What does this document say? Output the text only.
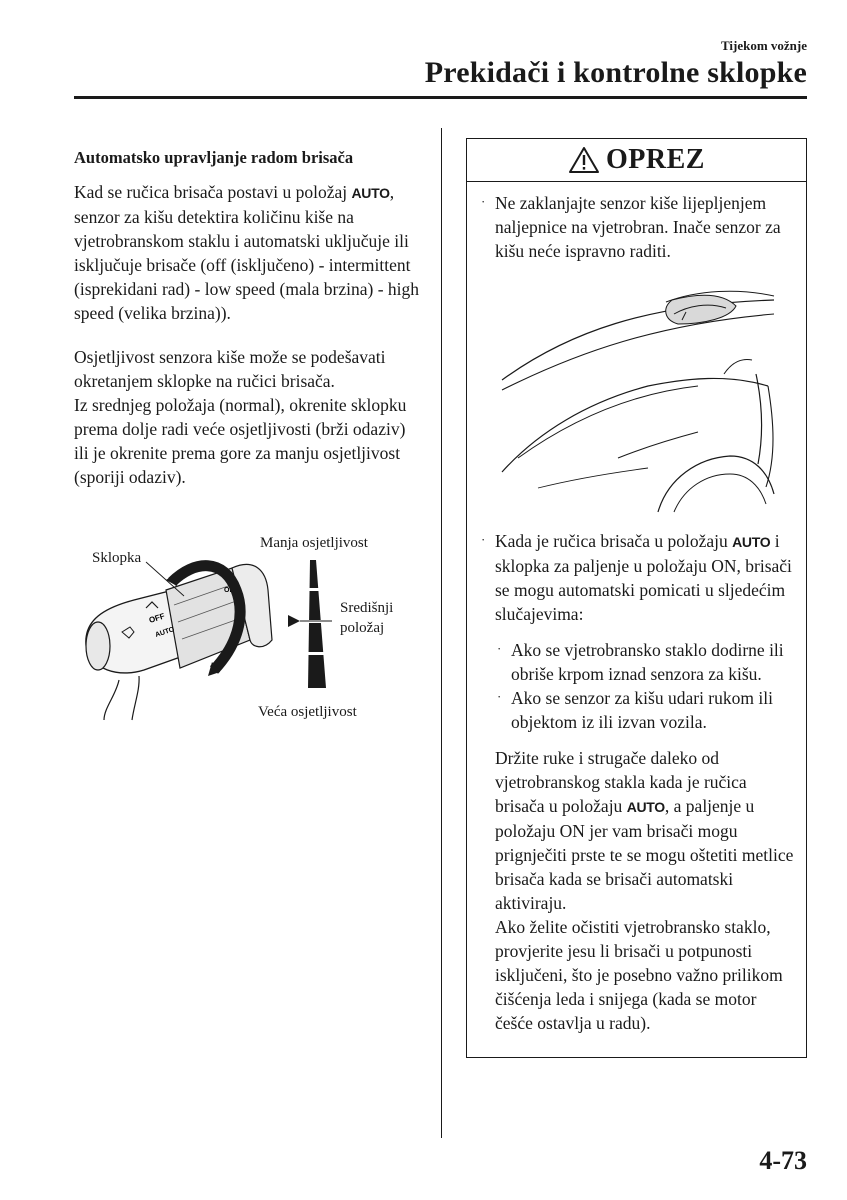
Tijekom vožnje
Prekidači i kontrolne sklopke
Automatsko upravljanje radom brisača

Kad se ručica brisača postavi u položaj AUTO, senzor za kišu detektira količinu kiše na vjetrobranskom staklu i automatski uključuje ili isključuje brisače (off (isključeno) - intermittent (isprekidani rad) - low speed (mala brzina) - high speed (velika brzina)).

Osjetljivost senzora kiše može se podešavati okretanjem sklopke na ručici brisača.

Iz srednjeg položaja (normal), okrenite sklopku prema dolje radi veće osjetljivosti (brži odaziv) ili je okrenite prema gore za manju osjetljivost (sporiji odaziv).

OFF
AUTO
OFF
Sklopka
Manja osjetljivost
Središnji
položaj
Veća osjetljivost
OPREZ
· Ne zaklanjajte senzor kiše lijepljenjem naljepnice na vjetrobran. Inače senzor za kišu neće ispravno raditi.
· Kada je ručica brisača u položaju AUTO i sklopka za paljenje u položaju ON, brisači se mogu automatski pomicati u sljedećim slučajevima:
· Ako se vjetrobransko staklo dodirne ili obriše krpom iznad senzora za kišu.
· Ako se senzor za kišu udari rukom ili objektom iz ili izvan vozila.

Držite ruke i strugače daleko od vjetrobranskog stakla kada je ručica brisača u položaju AUTO, a paljenje u položaju ON jer vam brisači mogu prignječiti prste te se mogu oštetiti metlice brisača kada se brisači automatski aktiviraju.

Ako želite očistiti vjetrobransko staklo, provjerite jesu li brisači u potpunosti isključeni, što je posebno važno prilikom čišćenja leda i snijega (kada se motor češće ostavlja u radu).

4-73
